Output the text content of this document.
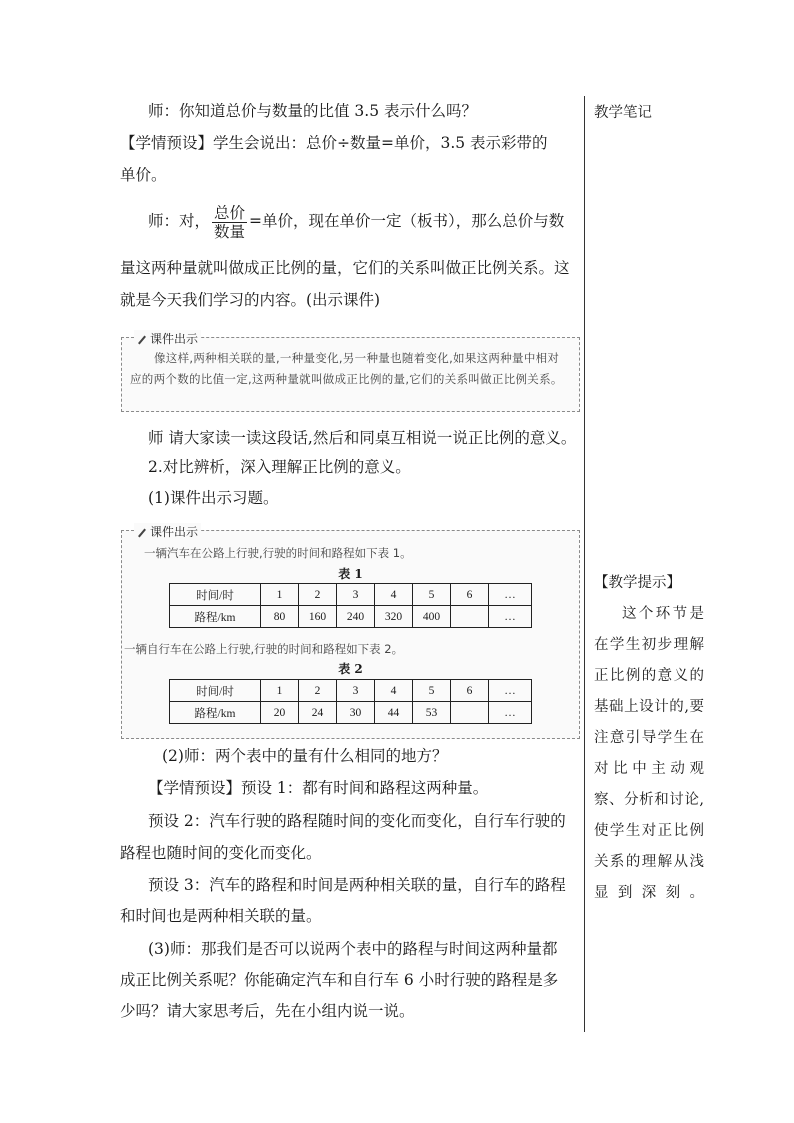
教学笔记
【教学提示】
这个环节是在学生初步理解正比例的意义的基础上设计的,要注意引导学生在对比中主动观察、分析和讨论,使学生对正比例关系的理解从浅显到深刻。
师：你知道总价与数量的比值 3.5 表示什么吗？
【学情预设】学生会说出：总价÷数量=单价，3.5 表示彩带的
单价。
师：对， $\frac{\text{总价}}{\text{数量}}$ =单价，现在单价一定（板书），那么总价与数
量这两种量就叫做成正比例的量，它们的关系叫做正比例关系。这
就是今天我们学习的内容。(出示课件)
师 请大家读一读这段话,然后和同桌互相说一说正比例的意义。
2.对比辨析，深入理解正比例的意义。
(1)课件出示习题。
(2)师：两个表中的量有什么相同的地方？
【学情预设】预设 1：都有时间和路程这两种量。
预设 2：汽车行驶的路程随时间的变化而变化，自行车行驶的
路程也随时间的变化而变化。
预设 3：汽车的路程和时间是两种相关联的量，自行车的路程
和时间也是两种相关联的量。
(3)师：那我们是否可以说两个表中的路程与时间这两种量都
成正比例关系呢？你能确定汽车和自行车 6 小时行驶的路程是多
少吗？请大家思考后，先在小组内说一说。
课件出示
像这样,两种相关联的量,一种量变化,另一种量也随着变化,如果这两种量中相对应的两个数的比值一定,这两种量就叫做成正比例的量,它们的关系叫做正比例关系。
课件出示
一辆汽车在公路上行驶,行驶的时间和路程如下表 1。
表 1
时间/时	1	2	3	4	5	6	…
路程/km	80	160	240	320	400		…
一辆自行车在公路上行驶,行驶的时间和路程如下表 2。
表 2
时间/时	1	2	3	4	5	6	…
路程/km	20	24	30	44	53		…
